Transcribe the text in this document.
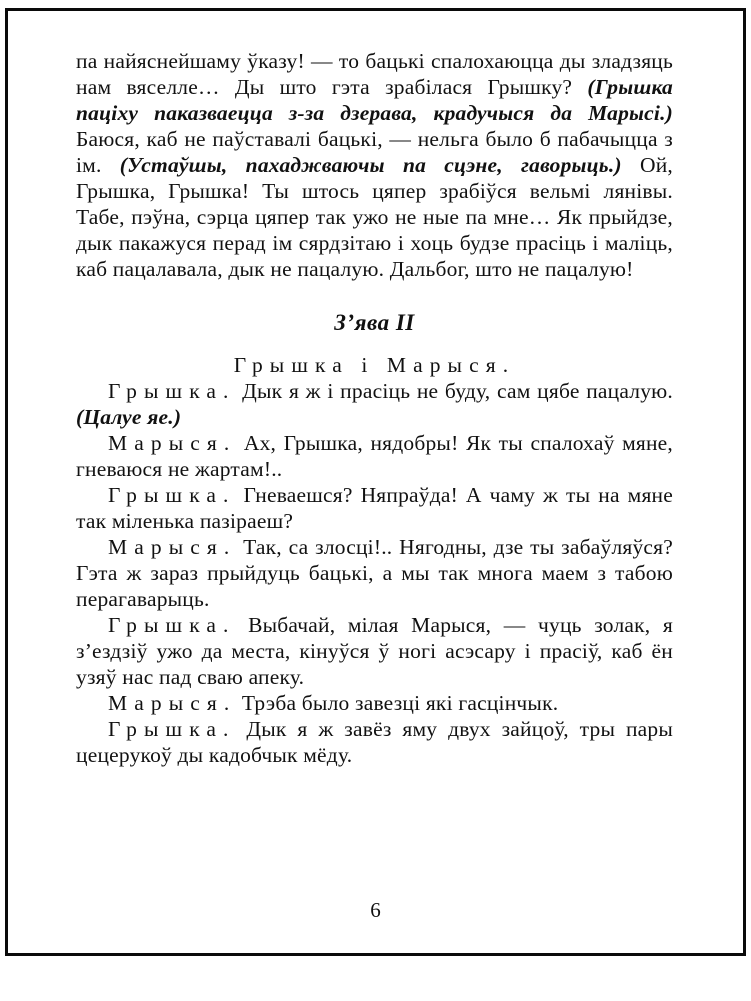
па найяснейшаму ўказу! — то бацькі спалохаюцца ды зладзяць нам вяселле… Ды што гэта зрабілася Грышку? (Грышка паціху паказваецца з-за дзерава, крадучыся да Марысі.) Баюся, каб не паўставалі бацькі, — нельга было б пабачыцца з ім. (Устаўшы, пахаджваючы па сцэне, гаворыць.) Ой, Грышка, Грышка! Ты штось цяпер зрабіўся вельмі лянівы. Табе, пэўна, сэрца цяпер так ужо не ные па мне… Як прыйдзе, дык пакажуся перад ім сярдзітаю і хоць будзе прасіць і маліць, каб пацалавала, дык не пацалую. Дальбог, што не пацалую!

З’ява II

Грышка і Марыся.

Грышка. Дык я ж і прасіць не буду, сам цябе пацалую. (Цалуе яе.)

Марыся. Ах, Грышка, нядобры! Як ты спалохаў мяне, гневаюся не жартам!..

Грышка. Гневаешся? Няпраўда! А чаму ж ты на мяне так міленька пазіраеш?

Марыся. Так, са злосці!.. Нягодны, дзе ты забаўляўся? Гэта ж зараз прыйдуць бацькі, а мы так многа маем з табою перагаварыць.

Грышка. Выбачай, мілая Марыся, — чуць золак, я з’ездзіў ужо да места, кінуўся ў ногі асэсару і прасіў, каб ён узяў нас пад сваю апеку.

Марыся. Трэба было завезці які гасцінчык.

Грышка. Дык я ж завёз яму двух зайцоў, тры пары цецерукоў ды кадобчык мёду.

6
